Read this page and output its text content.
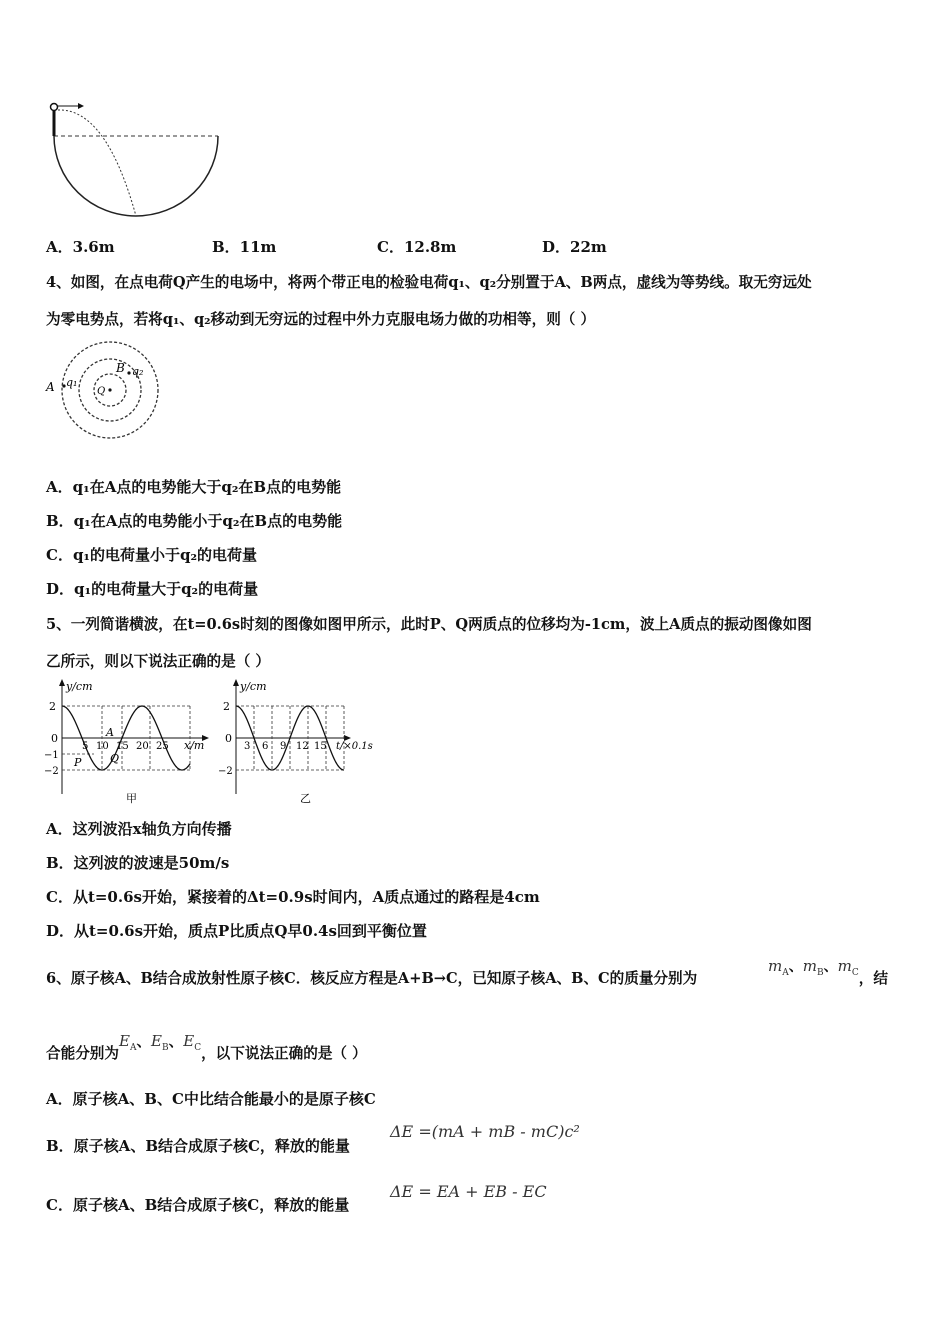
A．3.6m	B．11m	C．12.8m	D．22m
4、如图，在点电荷Q产生的电场中，将两个带正电的检验电荷q₁、q₂分别置于A、B两点，虚线为等势线。取无穷远处
为零电势点，若将q₁、q₂移动到无穷远的过程中外力克服电场力做的功相等，则（ ）
A q₁
B q₂
Q
A．q₁在A点的电势能大于q₂在B点的电势能
B．q₁在A点的电势能小于q₂在B点的电势能
C．q₁的电荷量小于q₂的电荷量
D．q₁的电荷量大于q₂的电荷量
5、一列简谐横波，在t=0.6s时刻的图像如图甲所示，此时P、Q两质点的位移均为-1cm，波上A质点的振动图像如图
乙所示，则以下说法正确的是（ ）
2
0
−1
−2
5 10 15 20 25
y/cm
x/m
A
P	Q
甲
2
0
−2
3 6 9 12 15
y/cm
t/×0.1s
乙
A．这列波沿x轴负方向传播
B．这列波的波速是50m/s
C．从t=0.6s开始，紧接着的Δt=0.9s时间内，A质点通过的路程是4cm
D．从t=0.6s开始，质点P比质点Q早0.4s回到平衡位置
6、原子核A、B结合成放射性原子核C．核反应方程是A+B→C，已知原子核A、B、C的质量分别为
$m_A$、$m_B$、$m_C$，结
合能分别为$E_A$、$E_B$、$E_C$，以下说法正确的是（ ）
A．原子核A、B、C中比结合能最小的是原子核C
B．原子核A、B结合成原子核C，释放的能量
ΔE =(mA + mB - mC)c²
C．原子核A、B结合成原子核C，释放的能量
ΔE = EA + EB - EC
